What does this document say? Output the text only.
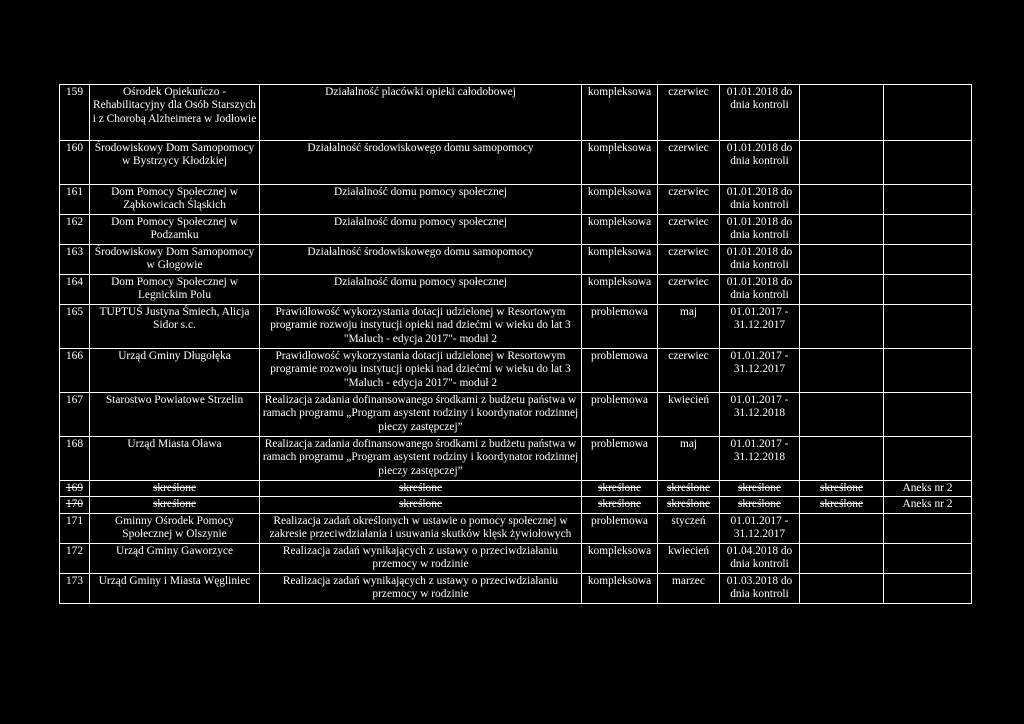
159	Ośrodek Opiekuńczo - Rehabilitacyjny dla Osób Starszych i z Chorobą Alzheimera w Jodłowie	Działalność placówki opieki całodobowej	kompleksowa	czerwiec	01.01.2018 do dnia kontroli		
160	Środowiskowy Dom Samopomocy w Bystrzycy Kłodzkiej	Działalność środowiskowego domu samopomocy	kompleksowa	czerwiec	01.01.2018 do dnia kontroli		
161	Dom Pomocy Społecznej w Ząbkowicach Śląskich	Działalność domu pomocy społecznej	kompleksowa	czerwiec	01.01.2018 do dnia kontroli		
162	Dom Pomocy Społecznej w Podzamku	Działalność domu pomocy społecznej	kompleksowa	czerwiec	01.01.2018 do dnia kontroli		
163	Środowiskowy Dom Samopomocy w Głogowie	Działalność środowiskowego domu samopomocy	kompleksowa	czerwiec	01.01.2018 do dnia kontroli		
164	Dom Pomocy Społecznej w Legnickim Polu	Działalność domu pomocy społecznej	kompleksowa	czerwiec	01.01.2018 do dnia kontroli		
165	TUPTUŚ Justyna Śmiech, Alicja Sidor s.c.	Prawidłowość wykorzystania dotacji udzielonej w Resortowym programie rozwoju instytucji opieki nad dziećmi w wieku do lat 3 "Maluch - edycja 2017"- moduł 2	problemowa	maj	01.01.2017 - 31.12.2017		
166	Urząd Gminy Długołęka	Prawidłowość wykorzystania dotacji udzielonej w Resortowym programie rozwoju instytucji opieki nad dziećmi w wieku do lat 3 "Maluch - edycja 2017"- moduł 2	problemowa	czerwiec	01.01.2017 - 31.12.2017		
167	Starostwo Powiatowe Strzelin	Realizacja zadania dofinansowanego środkami z budżetu państwa w ramach programu „Program asystent rodziny i koordynator rodzinnej pieczy zastępczej”	problemowa	kwiecień	01.01.2017 - 31.12.2018		
168	Urząd Miasta Oława	Realizacja zadania dofinansowanego środkami z budżetu państwa w ramach programu „Program asystent rodziny i koordynator rodzinnej pieczy zastępczej”	problemowa	maj	01.01.2017 - 31.12.2018		
169	skreślone	skreślone	skreślone	skreślone	skreślone	skreślone	Aneks nr 2
170	skreślone	skreślone	skreślone	skreślone	skreślone	skreślone	Aneks nr 2
171	Gminny Ośrodek Pomocy Społecznej w Olszynie	Realizacja zadań określonych w ustawie o pomocy społecznej w zakresie przeciwdziałania i usuwania skutków klęsk żywiołowych	problemowa	styczeń	01.01.2017 - 31.12.2017		
172	Urząd Gminy Gaworzyce	Realizacja zadań wynikających z ustawy o przeciwdziałaniu przemocy w rodzinie	kompleksowa	kwiecień	01.04.2018 do dnia kontroli		
173	Urząd Gminy i Miasta Węgliniec	Realizacja zadań wynikających z ustawy o przeciwdziałaniu przemocy w rodzinie	kompleksowa	marzec	01.03.2018 do dnia kontroli		
